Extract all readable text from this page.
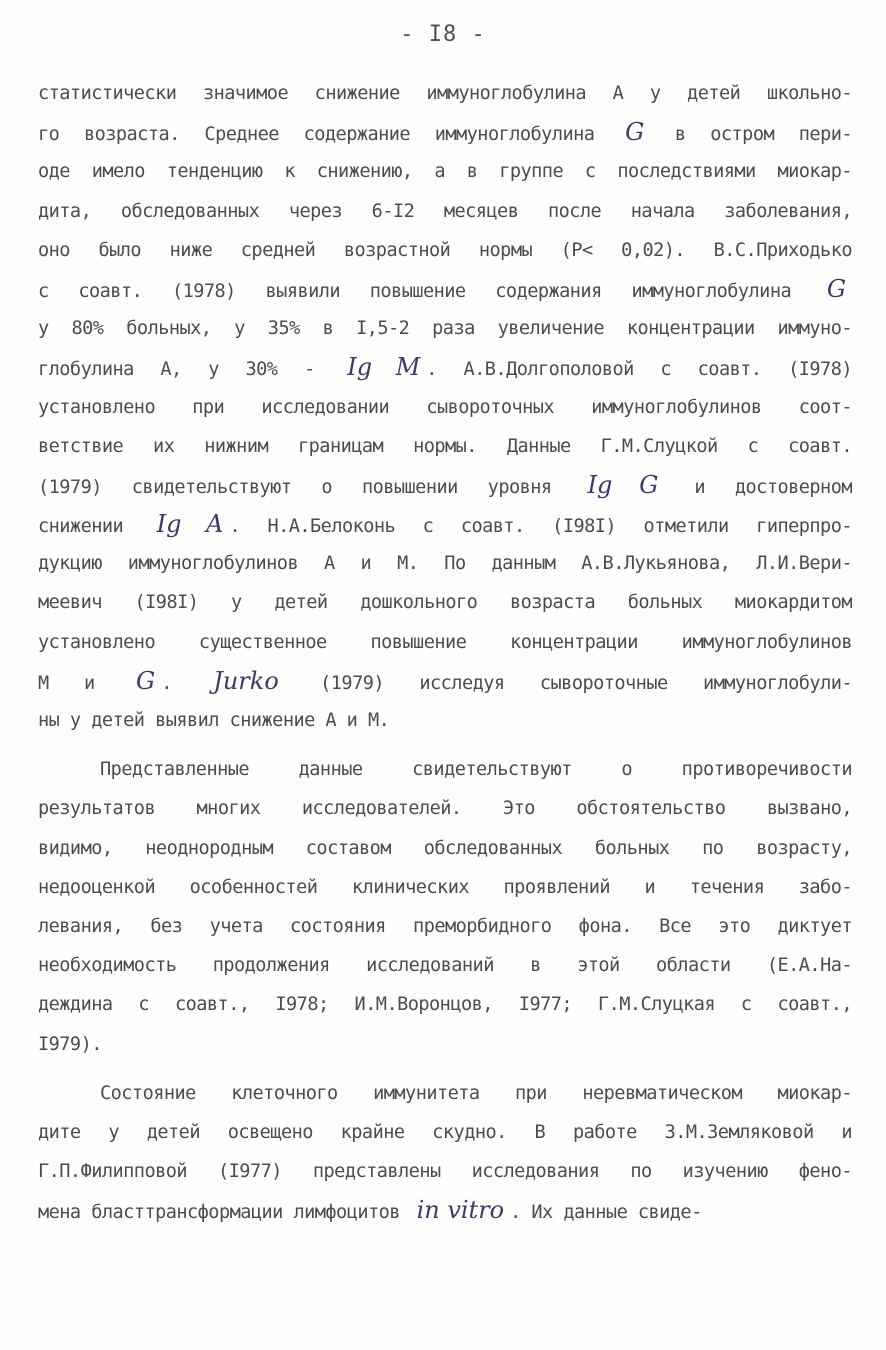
- I8 -
статистически значимое снижение иммуноглобулина А у детей школьно-
го возраста. Среднее содержание иммуноглобулина G в остром пери-
оде имело тенденцию к снижению, а в группе с последствиями миокар-
дита, обследованных через 6-I2 месяцев после начала заболевания,
оно было ниже средней возрастной нормы (Р< 0,02). В.С.Приходько
с соавт. (1978) выявили повышение содержания иммуноглобулина G
у 80% больных, у 35% в I,5-2 раза увеличение концентрации иммуно-
глобулина А, у 30% - Ig M . А.В.Долгополовой с соавт. (I978)
установлено при исследовании сывороточных иммуноглобулинов соот-
ветствие их нижним границам нормы. Данные Г.М.Слуцкой с соавт.
(1979) свидетельствуют о повышении уровня Ig G и достоверном
снижении Ig A . Н.А.Белоконь с соавт. (I98I) отметили гиперпро-
дукцию иммуноглобулинов А и М. По данным А.В.Лукьянова, Л.И.Вери-
меевич (I98I) у детей дошкольного возраста больных миокардитом
установлено существенное повышение концентрации иммуноглобулинов
М и G . Jurko (1979) исследуя сывороточные иммуноглобули-
ны у детей выявил снижение А и М.
Представленные данные свидетельствуют о противоречивости
результатов многих исследователей. Это обстоятельство вызвано,
видимо, неоднородным составом обследованных больных по возрасту,
недооценкой особенностей клинических проявлений и течения забо-
левания, без учета состояния преморбидного фона. Все это диктует
необходимость продолжения исследований в этой области (Е.А.На-
деждина с соавт., I978; И.М.Воронцов, I977; Г.М.Слуцкая с соавт.,
I979).
Состояние клеточного иммунитета при неревматическом миокар-
дите у детей освещено крайне скудно. В работе З.М.Земляковой и
Г.П.Филипповой (I977) представлены исследования по изучению фено-
мена бласттрансформации лимфоцитов in vitro . Их данные свиде-
